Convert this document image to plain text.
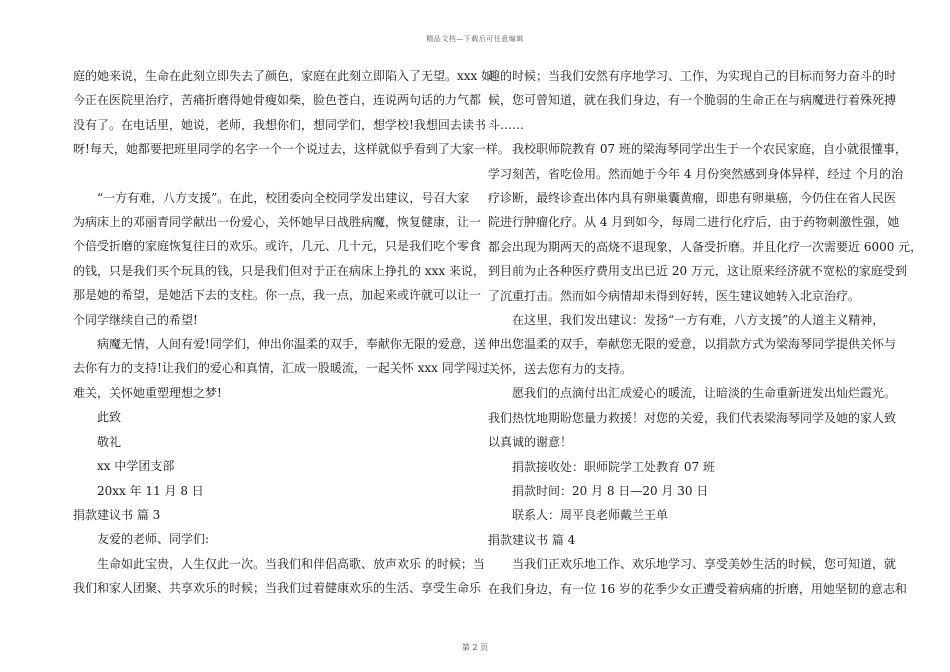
精品文档—下载后可任意编辑

庭的她来说，生命在此刻立即失去了颜色，家庭在此刻立即陷入了无望。xxx 如

今正在医院里治疗，苦痛折磨得她骨瘦如柴，脸色苍白，连说两句话的力气都

没有了。在电话里，她说，老师，我想你们，想同学们，想学校!我想回去读书

呀!每天，她都要把班里同学的名字一个一个说过去，这样就似乎看到了大家一样。

“一方有难，八方支援”。在此，校团委向全校同学发出建议，号召大家

为病床上的邓丽青同学献出一份爱心，关怀她早日战胜病魔，恢复健康，让一

个倍受折磨的家庭恢复往日的欢乐。或许，几元、几十元，只是我们吃个零食

的钱，只是我们买个玩具的钱，只是我们但对于正在病床上挣扎的 xxx 来说，

那是她的希望，是她活下去的支柱。你一点，我一点，加起来或许就可以让一

个同学继续自己的希望!

病魔无情，人间有爱!同学们，伸出你温柔的双手，奉献你无限的爱意，送

去你有力的支持!让我们的爱心和真情，汇成一股暖流，一起关怀 xxx 同学闯过

难关，关怀她重塑理想之梦!

此致

敬礼

xx 中学团支部

20xx 年 11 月 8 日

捐款建议书 篇 3

友爱的老师、同学们:

生命如此宝贵，人生仅此一次。当我们和伴侣高歌、放声欢乐 的时候；当

我们和家人团聚、共享欢乐的时候；当我们过着健康欢乐的生活、享受生命乐

趣的时候；当我们安然有序地学习、工作，为实现自己的目标而努力奋斗的时

候，您可曾知道，就在我们身边，有一个脆弱的生命正在与病魔进行着殊死搏

斗……

我校职师院教育 07 班的梁海琴同学出生于一个农民家庭，自小就很懂事，

学习刻苦，省吃俭用。然而她于今年 4 月份突然感到身体异样，经过 个月的治

疗诊断，最终诊查出体内具有卵巢囊黄瘤，即患有卵巢癌，今仍住在省人民医

院进行肿瘤化疗。从 4 月到如今，每周二进行化疗后，由于药物刺激性强，她

都会出现为期两天的高烧不退现象，人备受折磨。并且化疗一次需要近 6000 元，

到目前为止各种医疗费用支出已近 20 万元，这让原来经济就不宽松的家庭受到

了沉重打击。然而如今病情却未得到好转，医生建议她转入北京治疗。

在这里，我们发出建议：发扬“一方有难，八方支援”的人道主义精神，

伸出您温柔的双手，奉献您无限的爱意，以捐款方式为梁海琴同学提供关怀与

关怀，送去您有力的支持。

愿我们的点滴付出汇成爱心的暖流，让暗淡的生命重新迸发出灿烂霞光。

我们热忱地期盼您量力救援！对您的关爱，我们代表梁海琴同学及她的家人致

以真诚的谢意！

捐款接收处：职师院学工处教育 07 班

捐款时间：20 月 8 日—20 月 30 日

联系人：周平良老师戴兰王单

捐款建议书 篇 4

当我们正欢乐地工作、欢乐地学习、享受美妙生活的时候，您可知道，就

在我们身边，有一位 16 岁的花季少女正遭受着病痛的折磨，用她坚韧的意志和

第 2 页
